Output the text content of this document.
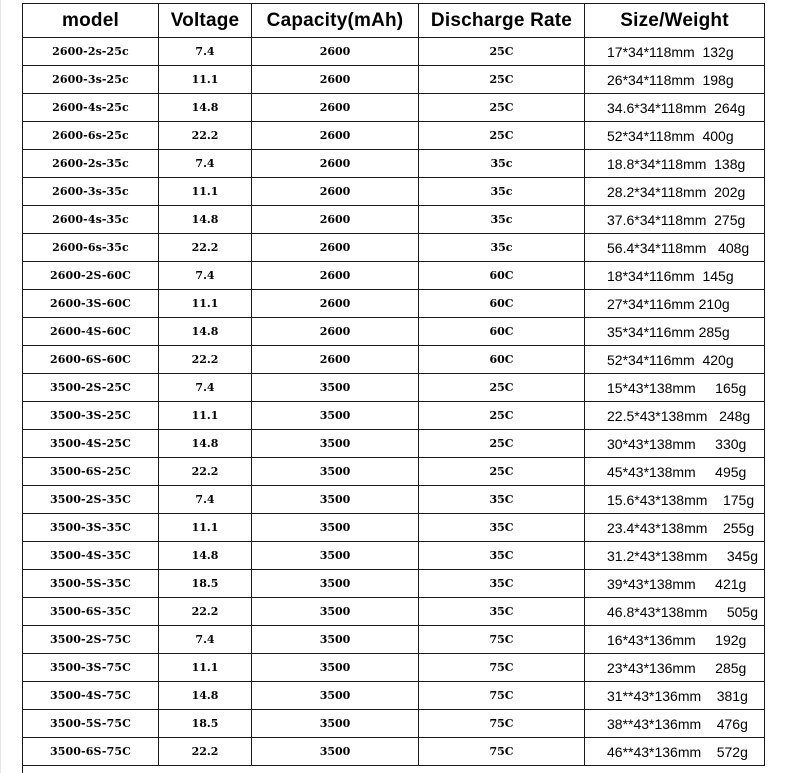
model	Voltage	Capacity(mAh)	Discharge Rate	Size/Weight
2600-2s-25c	7.4	2600	25C	17*34*118mm  132g
2600-3s-25c	11.1	2600	25C	26*34*118mm  198g
2600-4s-25c	14.8	2600	25C	34.6*34*118mm  264g
2600-6s-25c	22.2	2600	25C	52*34*118mm  400g
2600-2s-35c	7.4	2600	35c	18.8*34*118mm  138g
2600-3s-35c	11.1	2600	35c	28.2*34*118mm  202g
2600-4s-35c	14.8	2600	35c	37.6*34*118mm  275g
2600-6s-35c	22.2	2600	35c	56.4*34*118mm   408g
2600-2S-60C	7.4	2600	60C	18*34*116mm  145g
2600-3S-60C	11.1	2600	60C	27*34*116mm 210g
2600-4S-60C	14.8	2600	60C	35*34*116mm 285g
2600-6S-60C	22.2	2600	60C	52*34*116mm  420g
3500-2S-25C	7.4	3500	25C	15*43*138mm     165g
3500-3S-25C	11.1	3500	25C	22.5*43*138mm   248g
3500-4S-25C	14.8	3500	25C	30*43*138mm     330g
3500-6S-25C	22.2	3500	25C	45*43*138mm     495g
3500-2S-35C	7.4	3500	35C	15.6*43*138mm    175g
3500-3S-35C	11.1	3500	35C	23.4*43*138mm    255g
3500-4S-35C	14.8	3500	35C	31.2*43*138mm     345g
3500-5S-35C	18.5	3500	35C	39*43*138mm     421g
3500-6S-35C	22.2	3500	35C	46.8*43*138mm     505g
3500-2S-75C	7.4	3500	75C	16*43*136mm     192g
3500-3S-75C	11.1	3500	75C	23*43*136mm     285g
3500-4S-75C	14.8	3500	75C	31**43*136mm    381g
3500-5S-75C	18.5	3500	75C	38**43*136mm    476g
3500-6S-75C	22.2	3500	75C	46**43*136mm    572g
